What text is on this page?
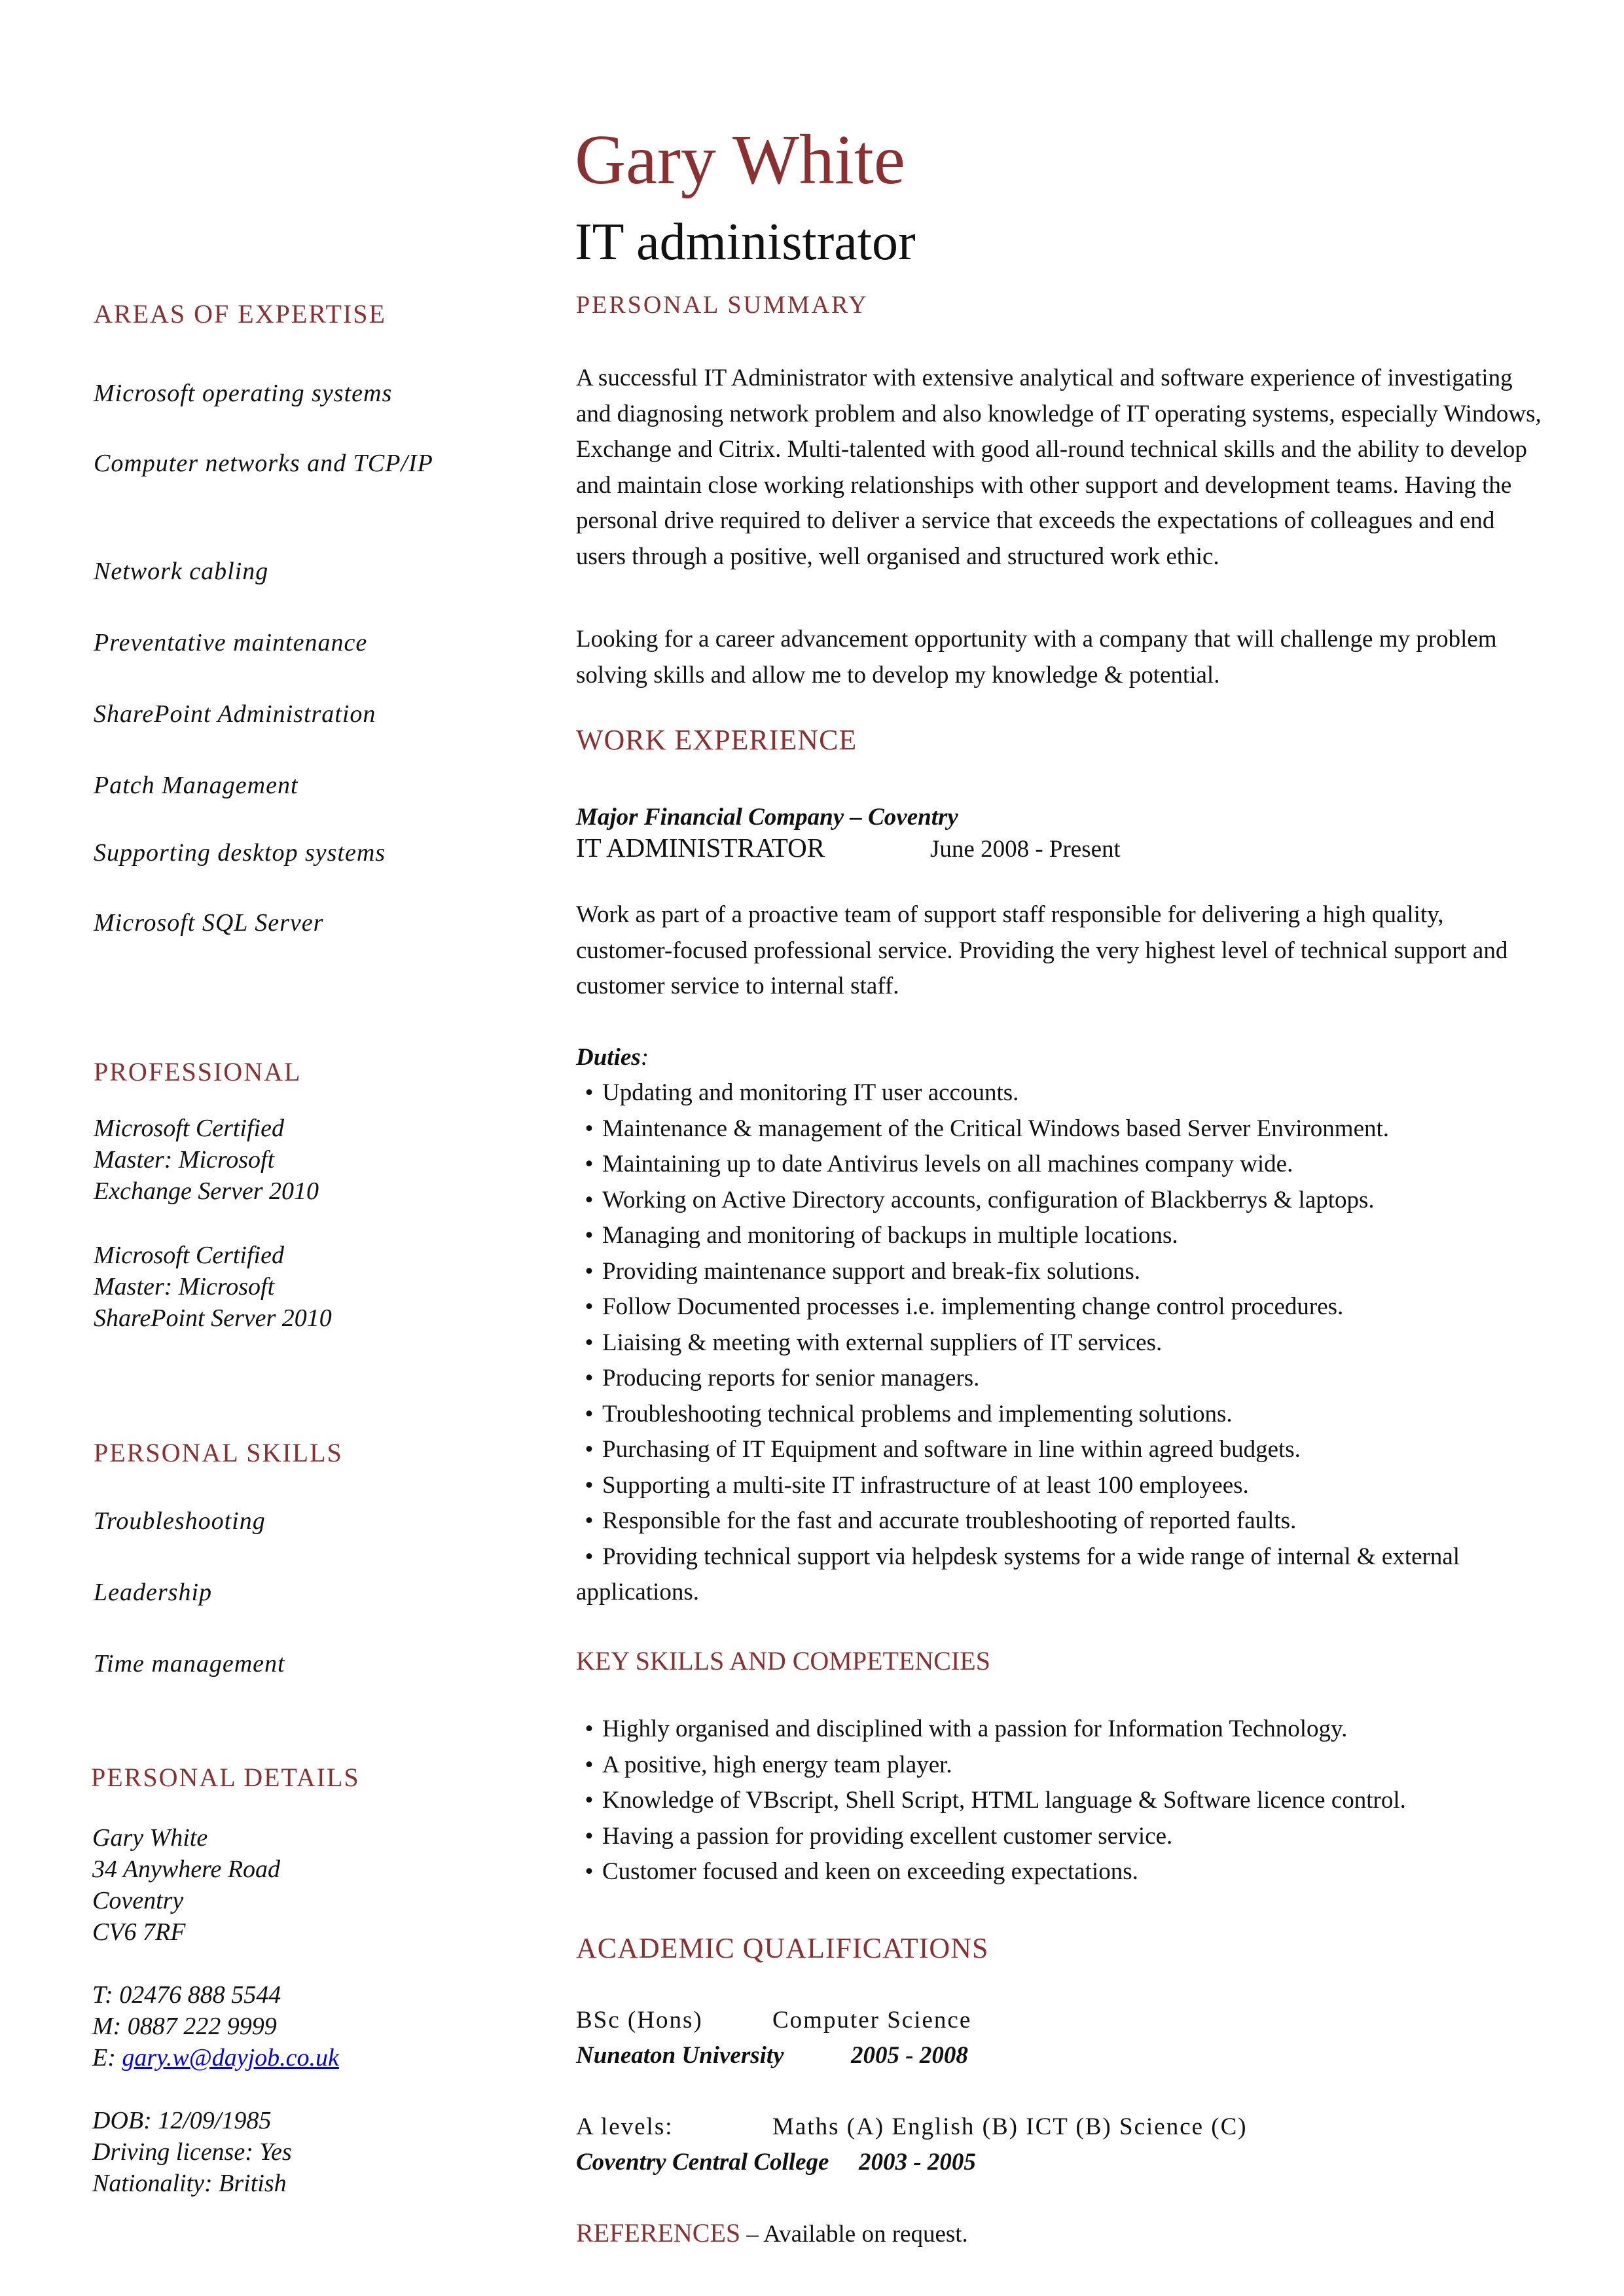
Gary White
IT administrator
AREAS OF EXPERTISE
Microsoft operating systems
Computer networks and TCP/IP
Network cabling
Preventative maintenance
SharePoint Administration
Patch Management
Supporting desktop systems
Microsoft SQL Server
PROFESSIONAL
Microsoft Certified
Master: Microsoft
Exchange Server 2010
Microsoft Certified
Master: Microsoft
SharePoint Server 2010
PERSONAL SKILLS
Troubleshooting
Leadership
Time management
PERSONAL DETAILS
Gary White
34 Anywhere Road
Coventry
CV6 7RF
T: 02476 888 5544
M: 0887 222 9999
E: gary.w@dayjob.co.uk
DOB: 12/09/1985
Driving license: Yes
Nationality: British
PERSONAL SUMMARY
A successful IT Administrator with extensive analytical and software experience of investigating and diagnosing network problem and also knowledge of IT operating systems, especially Windows, Exchange and Citrix. Multi-talented with good all-round technical skills and the ability to develop and maintain close working relationships with other support and development teams. Having the personal drive required to deliver a service that exceeds the expectations of colleagues and end users through a positive, well organised and structured work ethic.
Looking for a career advancement opportunity with a company that will challenge my problem solving skills and allow me to develop my knowledge & potential.
WORK EXPERIENCE
Major Financial Company – Coventry
IT ADMINISTRATOR	June 2008 - Present
Work as part of a proactive team of support staff responsible for delivering a high quality, customer-focused professional service. Providing the very highest level of technical support and customer service to internal staff.
Duties:
• Updating and monitoring IT user accounts.
• Maintenance & management of the Critical Windows based Server Environment.
• Maintaining up to date Antivirus levels on all machines company wide.
• Working on Active Directory accounts, configuration of Blackberrys & laptops.
• Managing and monitoring of backups in multiple locations.
• Providing maintenance support and break-fix solutions.
• Follow Documented processes i.e. implementing change control procedures.
• Liaising & meeting with external suppliers of IT services.
• Producing reports for senior managers.
• Troubleshooting technical problems and implementing solutions.
• Purchasing of IT Equipment and software in line within agreed budgets.
• Supporting a multi-site IT infrastructure of at least 100 employees.
• Responsible for the fast and accurate troubleshooting of reported faults.
• Providing technical support via helpdesk systems for a wide range of internal & external applications.
KEY SKILLS AND COMPETENCIES
• Highly organised and disciplined with a passion for Information Technology.
• A positive, high energy team player.
• Knowledge of VBscript, Shell Script, HTML language & Software licence control.
• Having a passion for providing excellent customer service.
• Customer focused and keen on exceeding expectations.
ACADEMIC QUALIFICATIONS
BSc (Hons)	Computer Science
Nuneaton University	2005 - 2008
A levels:	Maths (A) English (B) ICT (B) Science (C)
Coventry Central College 2003 - 2005
REFERENCES – Available on request.
